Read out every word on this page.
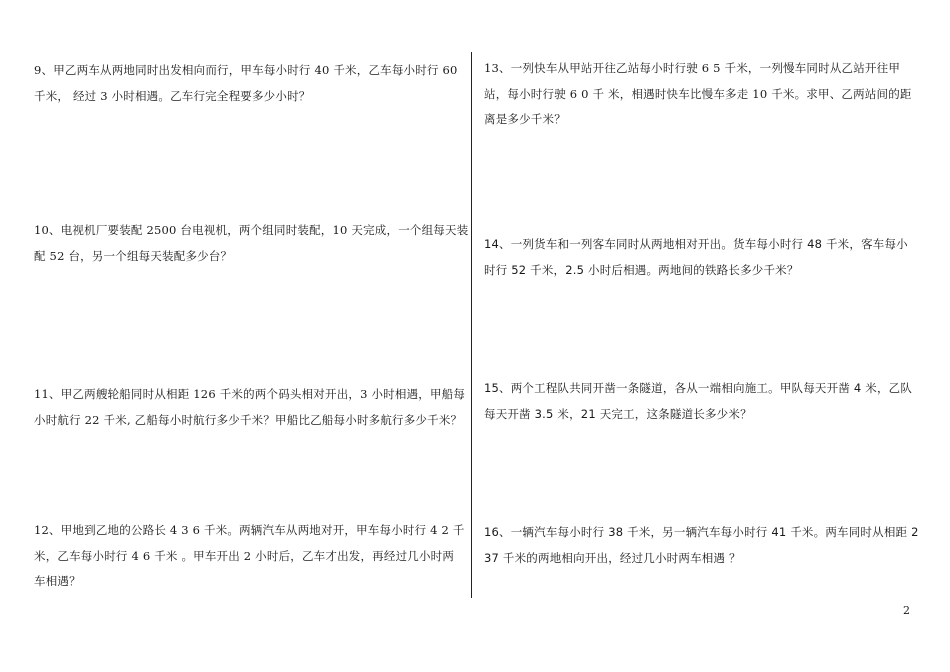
9、甲乙两车从两地同时出发相向而行，甲车每小时行 40 千米，乙车每小时行 60
千米， 经过 3 小时相遇。乙车行完全程要多少小时？
10、电视机厂要装配 2500 台电视机，两个组同时装配，10 天完成，一个组每天装
配 52 台，另一个组每天装配多少台？
11、甲乙两艘轮船同时从相距 126 千米的两个码头相对开出，3 小时相遇，甲船每
小时航行 22 千米, 乙船每小时航行多少千米？甲船比乙船每小时多航行多少千米？
12、甲地到乙地的公路长 4 3 6 千米。两辆汽车从两地对开，甲车每小时行 4 2 千
米，乙车每小时行 4 6 千米 。甲车开出 2 小时后，乙车才出发，再经过几小时两
车相遇？
13、一列快车从甲站开往乙站每小时行驶 6 5 千米，一列慢车同时从乙站开往甲
站，每小时行驶 6 0 千 米，相遇时快车比慢车多走 10 千米。求甲、乙两站间的距
离是多少千米？
14、一列货车和一列客车同时从两地相对开出。货车每小时行 48 千米，客车每小
时行 52 千米，2.5 小时后相遇。两地间的铁路长多少千米？
15、两个工程队共同开凿一条隧道，各从一端相向施工。甲队每天开凿 4 米，乙队
每天开凿 3.5 米，21 天完工，这条隧道长多少米？
16、一辆汽车每小时行 38 千米，另一辆汽车每小时行 41 千米。两车同时从相距 2
37 千米的两地相向开出，经过几小时两车相遇 ？
2
